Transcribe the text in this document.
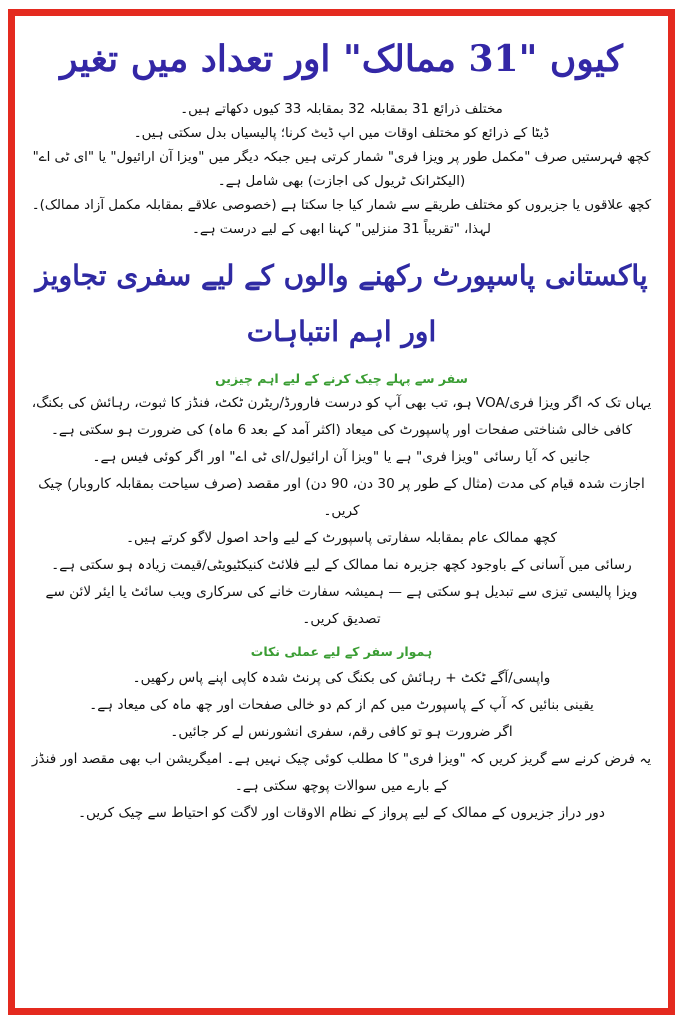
کیوں "31 ممالک" اور تعداد میں تغیر

مختلف ذرائع 31 بمقابلہ 32 بمقابلہ 33 کیوں دکھاتے ہیں۔

ڈیٹا کے ذرائع کو مختلف اوقات میں اپ ڈیٹ کرنا؛ پالیسیاں بدل سکتی ہیں۔

کچھ فہرستیں صرف "مکمل طور پر ویزا فری" شمار کرتی ہیں جبکہ دیگر میں "ویزا آن ارائیول" یا "ای ٹی اے" (الیکٹرانک ٹریول کی اجازت) بھی شامل ہے۔

کچھ علاقوں یا جزیروں کو مختلف طریقے سے شمار کیا جا سکتا ہے (خصوصی علاقے بمقابلہ مکمل آزاد ممالک)۔

لہذا، "تقریباً 31 منزلیں" کہنا ابھی کے لیے درست ہے۔

پاکستانی پاسپورٹ رکھنے والوں کے لیے سفری تجاویز اور اہم انتباہات
سفر سے پہلے چیک کرنے کے لیے اہم چیزیں

یہاں تک کہ اگر ویزا فری/VOA ہو، تب بھی آپ کو درست فارورڈ/ریٹرن ٹکٹ، فنڈز کا ثبوت، رہائش کی بکنگ، کافی خالی شناختی صفحات اور پاسپورٹ کی میعاد (اکثر آمد کے بعد 6 ماہ) کی ضرورت ہو سکتی ہے۔

جانیں کہ آیا رسائی "ویزا فری" ہے یا "ویزا آن ارائیول/ای ٹی اے" اور اگر کوئی فیس ہے۔

اجازت شدہ قیام کی مدت (مثال کے طور پر 30 دن، 90 دن) اور مقصد (صرف سیاحت بمقابلہ کاروبار) چیک کریں۔

کچھ ممالک عام بمقابلہ سفارتی پاسپورٹ کے لیے واحد اصول لاگو کرتے ہیں۔

رسائی میں آسانی کے باوجود کچھ جزیرہ نما ممالک کے لیے فلائٹ کنیکٹیویٹی/قیمت زیادہ ہو سکتی ہے۔

ویزا پالیسی تیزی سے تبدیل ہو سکتی ہے — ہمیشہ سفارت خانے کی سرکاری ویب سائٹ یا ایئر لائن سے تصدیق کریں۔

ہموار سفر کے لیے عملی نکات

واپسی/آگے ٹکٹ + رہائش کی بکنگ کی پرنٹ شدہ کاپی اپنے پاس رکھیں۔

یقینی بنائیں کہ آپ کے پاسپورٹ میں کم از کم دو خالی صفحات اور چھ ماہ کی میعاد ہے۔

اگر ضرورت ہو تو کافی رقم، سفری انشورنس لے کر جائیں۔

یہ فرض کرنے سے گریز کریں کہ "ویزا فری" کا مطلب کوئی چیک نہیں ہے۔ امیگریشن اب بھی مقصد اور فنڈز کے بارے میں سوالات پوچھ سکتی ہے۔

دور دراز جزیروں کے ممالک کے لیے پرواز کے نظام الاوقات اور لاگت کو احتیاط سے چیک کریں۔
